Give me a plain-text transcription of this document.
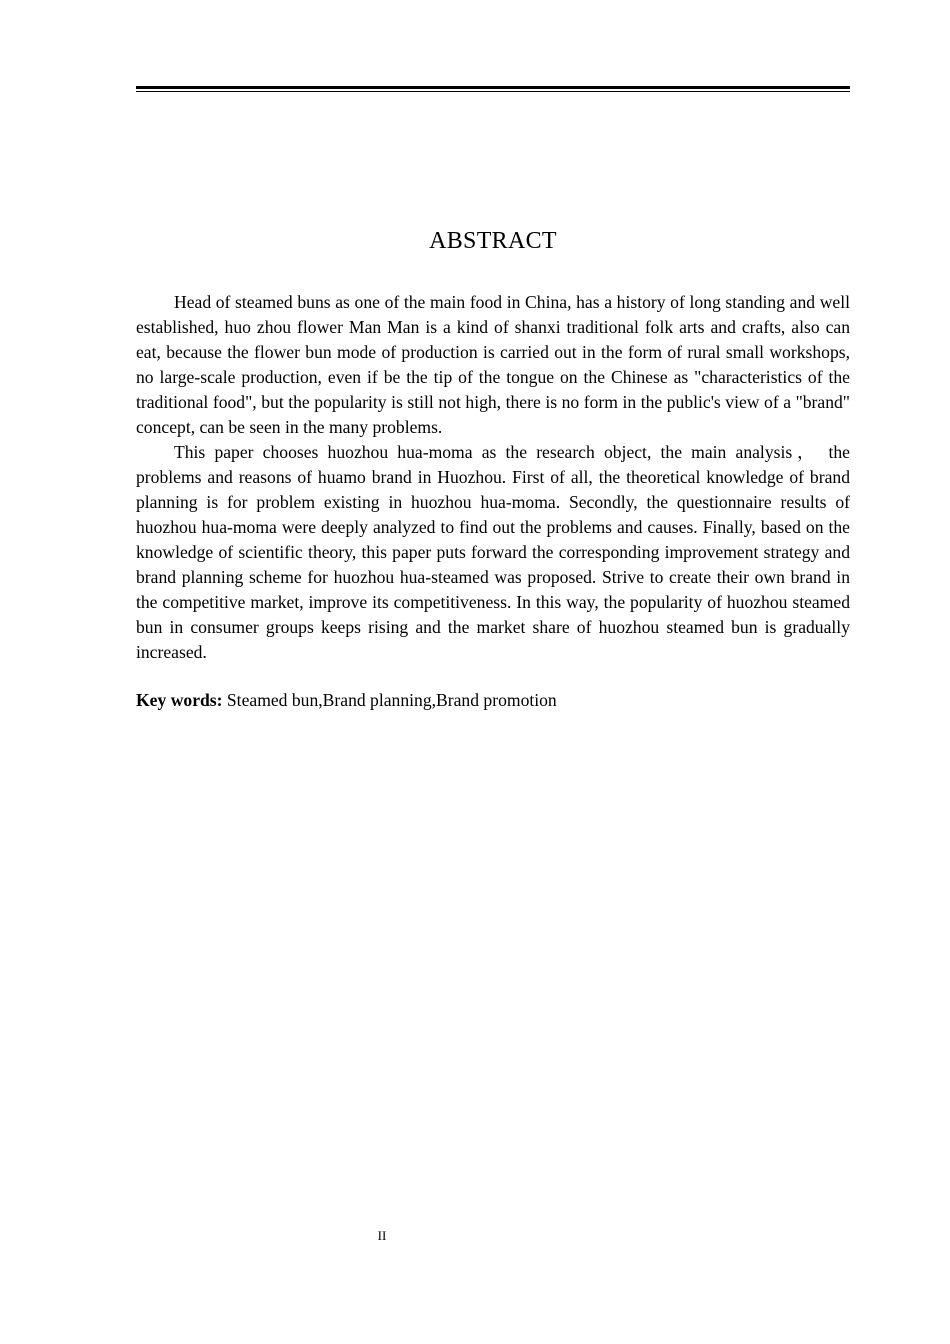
ABSTRACT

Head of steamed buns as one of the main food in China, has a history of long standing and well established, huo zhou flower Man Man is a kind of shanxi traditional folk arts and crafts, also can eat, because the flower bun mode of production is carried out in the form of rural small workshops, no large-scale production, even if be the tip of the tongue on the Chinese as "characteristics of the traditional food", but the popularity is still not high, there is no form in the public's view of a "brand" concept, can be seen in the many problems.

This paper chooses huozhou hua-moma as the research object, the main analysis， the problems and reasons of huamo brand in Huozhou. First of all, the theoretical knowledge of brand planning is for problem existing in huozhou hua-moma. Secondly, the questionnaire results of huozhou hua-moma were deeply analyzed to find out the problems and causes. Finally, based on the knowledge of scientific theory, this paper puts forward the corresponding improvement strategy and brand planning scheme for huozhou hua-steamed was proposed. Strive to create their own brand in the competitive market, improve its competitiveness. In this way, the popularity of huozhou steamed bun in consumer groups keeps rising and the market share of huozhou steamed bun is gradually increased.

Key words: Steamed bun,Brand planning,Brand promotion
II
